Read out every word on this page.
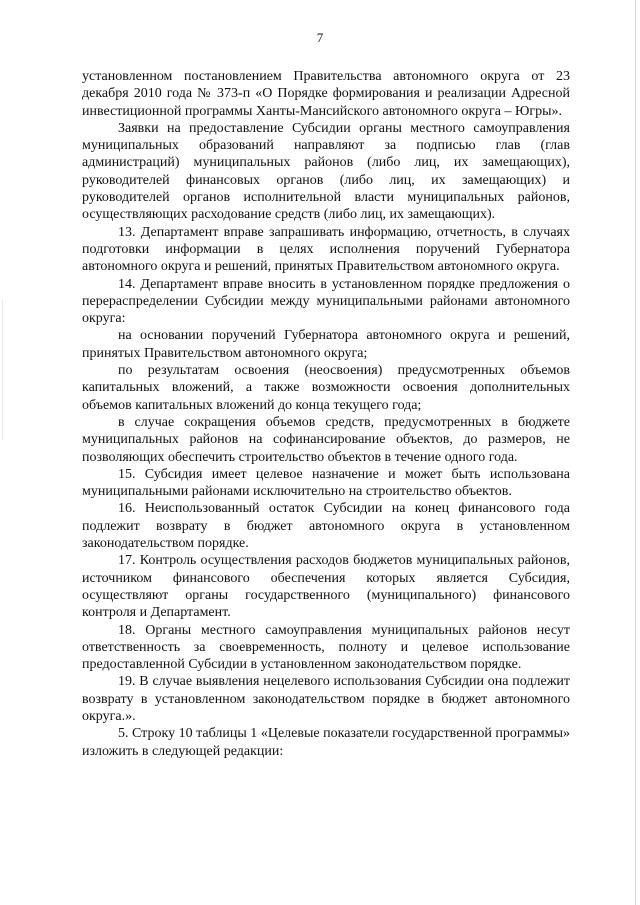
7

установленном постановлением Правительства автономного округа от 23 декабря 2010 года № 373-п «О Порядке формирования и реализации Адресной инвестиционной программы Ханты-Мансийского автономного округа – Югры».

Заявки на предоставление Субсидии органы местного самоуправления муниципальных образований направляют за подписью глав (глав администраций) муниципальных районов (либо лиц, их замещающих), руководителей финансовых органов (либо лиц, их замещающих) и руководителей органов исполнительной власти муниципальных районов, осуществляющих расходование средств (либо лиц, их замещающих).

13. Департамент вправе запрашивать информацию, отчетность, в случаях подготовки информации в целях исполнения поручений Губернатора автономного округа и решений, принятых Правительством автономного округа.

14. Департамент вправе вносить в установленном порядке предложения о перераспределении Субсидии между муниципальными районами автономного округа:

на основании поручений Губернатора автономного округа и решений, принятых Правительством автономного округа;

по результатам освоения (неосвоения) предусмотренных объемов капитальных вложений, а также возможности освоения дополнительных объемов капитальных вложений до конца текущего года;

в случае сокращения объемов средств, предусмотренных в бюджете муниципальных районов на софинансирование объектов, до размеров, не позволяющих обеспечить строительство объектов в течение одного года.

15. Субсидия имеет целевое назначение и может быть использована муниципальными районами исключительно на строительство объектов.

16. Неиспользованный остаток Субсидии на конец финансового года подлежит возврату в бюджет автономного округа в установленном законодательством порядке.

17. Контроль осуществления расходов бюджетов муниципальных районов, источником финансового обеспечения которых является Субсидия, осуществляют органы государственного (муниципального) финансового контроля и Департамент.

18. Органы местного самоуправления муниципальных районов несут ответственность за своевременность, полноту и целевое использование предоставленной Субсидии в установленном законодательством порядке.

19. В случае выявления нецелевого использования Субсидии она подлежит возврату в установленном законодательством порядке в бюджет автономного округа.».

5. Строку 10 таблицы 1 «Целевые показатели государственной программы» изложить в следующей редакции:
